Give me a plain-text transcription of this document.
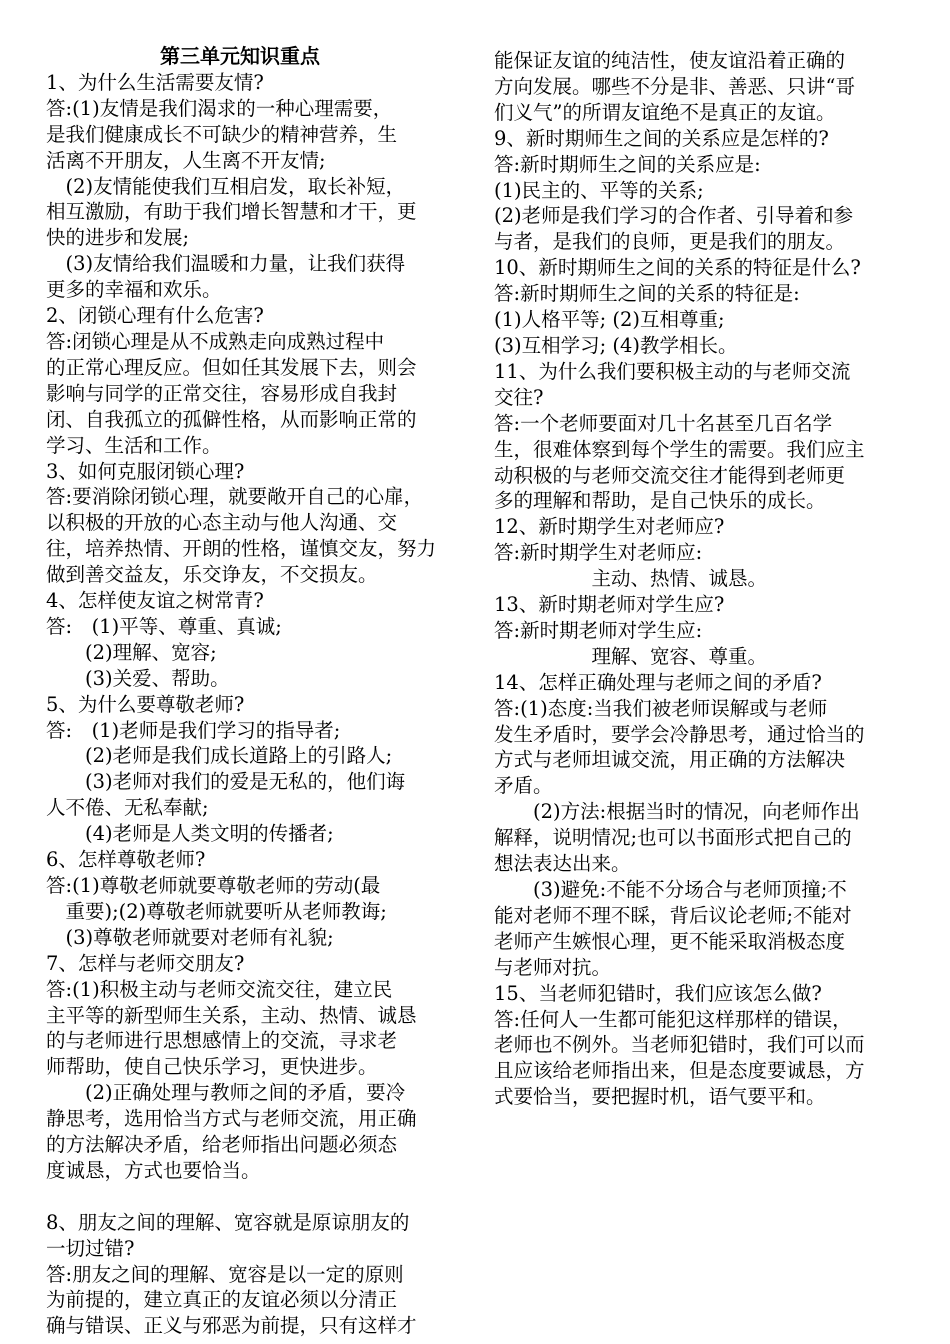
第三单元知识重点
1、为什么生活需要友情?
答:(1)友情是我们渴求的一种心理需要，
是我们健康成长不可缺少的精神营养，生
活离不开朋友，人生离不开友情;
　(2)友情能使我们互相启发，取长补短，
相互激励，有助于我们增长智慧和才干，更
快的进步和发展;
　(3)友情给我们温暖和力量，让我们获得
更多的幸福和欢乐。
2、闭锁心理有什么危害?
答:闭锁心理是从不成熟走向成熟过程中
的正常心理反应。但如任其发展下去，则会
影响与同学的正常交往，容易形成自我封
闭、自我孤立的孤僻性格，从而影响正常的
学习、生活和工作。
3、如何克服闭锁心理?
答:要消除闭锁心理，就要敞开自己的心扉，
以积极的开放的心态主动与他人沟通、交
往，培养热情、开朗的性格，谨慎交友，努力
做到善交益友，乐交诤友，不交损友。
4、怎样使友谊之树常青?
答:　(1)平等、尊重、真诚;
　　(2)理解、宽容;
　　(3)关爱、帮助。
5、为什么要尊敬老师?
答:　(1)老师是我们学习的指导者;
　　(2)老师是我们成长道路上的引路人;
　　(3)老师对我们的爱是无私的，他们诲
人不倦、无私奉献;
　　(4)老师是人类文明的传播者;
6、怎样尊敬老师?
答:(1)尊敬老师就要尊敬老师的劳动(最
　重要);(2)尊敬老师就要听从老师教诲;
　(3)尊敬老师就要对老师有礼貌;
7、怎样与老师交朋友?
答:(1)积极主动与老师交流交往，建立民
主平等的新型师生关系，主动、热情、诚恳
的与老师进行思想感情上的交流，寻求老
师帮助，使自己快乐学习，更快进步。
　　(2)正确处理与教师之间的矛盾，要冷
静思考，选用恰当方式与老师交流，用正确
的方法解决矛盾，给老师指出问题必须态
度诚恳，方式也要恰当。
8、朋友之间的理解、宽容就是原谅朋友的
一切过错?
答:朋友之间的理解、宽容是以一定的原则
为前提的，建立真正的友谊必须以分清正
确与错误、正义与邪恶为前提，只有这样才
能保证友谊的纯洁性，使友谊沿着正确的
方向发展。哪些不分是非、善恶、只讲“哥
们义气”的所谓友谊绝不是真正的友谊。
9、新时期师生之间的关系应是怎样的?
答:新时期师生之间的关系应是:
(1)民主的、平等的关系;
(2)老师是我们学习的合作者、引导着和参
与者，是我们的良师，更是我们的朋友。
10、新时期师生之间的关系的特征是什么?
答:新时期师生之间的关系的特征是:
(1)人格平等; (2)互相尊重;
(3)互相学习; (4)教学相长。
11、为什么我们要积极主动的与老师交流
交往?
答:一个老师要面对几十名甚至几百名学
生，很难体察到每个学生的需要。我们应主
动积极的与老师交流交往才能得到老师更
多的理解和帮助，是自己快乐的成长。
12、新时期学生对老师应?
答:新时期学生对老师应:
　　　　　主动、热情、诚恳。
13、新时期老师对学生应?
答:新时期老师对学生应:
　　　　　理解、宽容、尊重。
14、怎样正确处理与老师之间的矛盾?
答:(1)态度:当我们被老师误解或与老师
发生矛盾时，要学会冷静思考，通过恰当的
方式与老师坦诚交流，用正确的方法解决
矛盾。
　　(2)方法:根据当时的情况，向老师作出
解释，说明情况;也可以书面形式把自己的
想法表达出来。
　　(3)避免:不能不分场合与老师顶撞;不
能对老师不理不睬，背后议论老师;不能对
老师产生嫉恨心理，更不能采取消极态度
与老师对抗。
15、当老师犯错时，我们应该怎么做?
答:任何人一生都可能犯这样那样的错误，
老师也不例外。当老师犯错时，我们可以而
且应该给老师指出来，但是态度要诚恳，方
式要恰当，要把握时机，语气要平和。
